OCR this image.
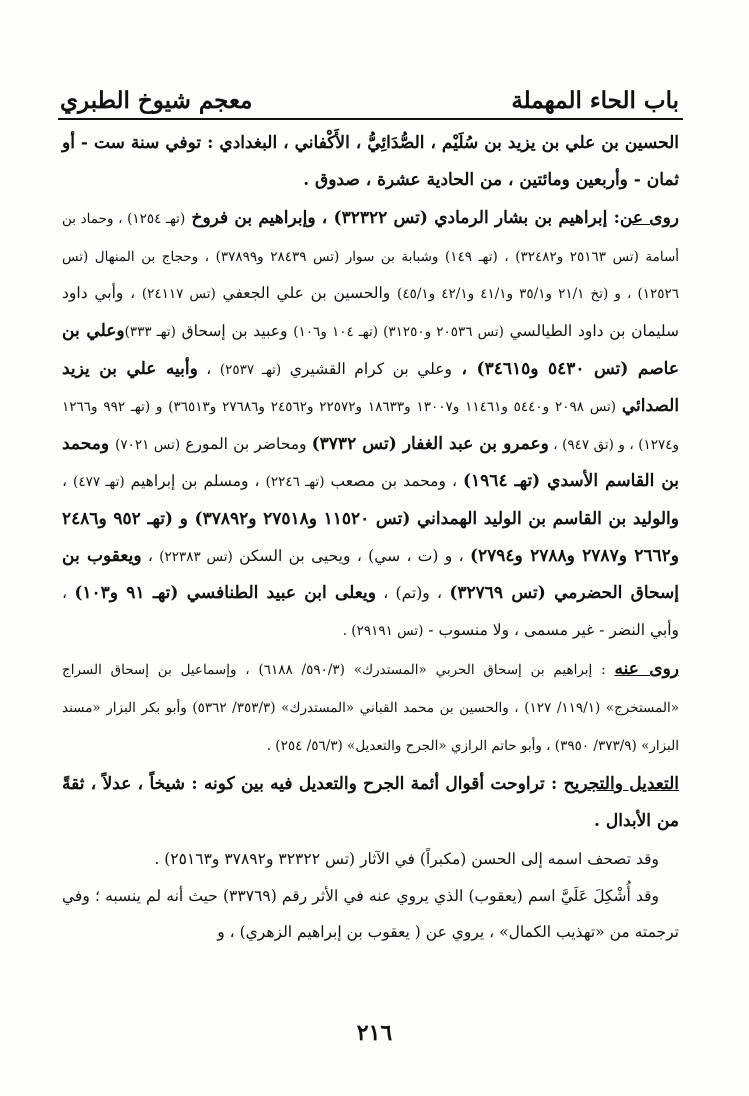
باب الحاء المهملة
معجم شيوخ الطبري

الحسين بن علي بن يزيد بن سُلَيْم ، الصُّدَائِيُّ ، الأَكْفاني ، البغدادي : توفي سنة ست - أو ثمان - وأربعين ومائتين ، من الحادية عشرة ، صدوق .

روى عن: إبراهيم بن بشار الرمادي (تس ٣٢٣٢٢) ، وإبراهيم بن فروخ (تهـ ١٢٥٤) ، وحماد بن أسامة (تس ٢٥١٦٣ و٣٢٤٨٢) ، (تهـ ١٤٩) وشبابة بن سوار (تس ٢٨٤٣٩ و٣٧٨٩٩) ، وحجاج بن المنهال (تس ١٢٥٢٦) ، و (تخ ٢١/١ و٣٥/١ و٤١/١ و٤٢/١ و٤٥/١) والحسين بن علي الجعفي (تس ٢٤١١٧) ، وأبي داود سليمان بن داود الطيالسي (تس ٢٠٥٣٦ و٣١٢٥٠) (تهـ ١٠٤ و١٠٦) وعبيد بن إسحاق (تهـ ٣٣٣)وعلي بن عاصم (تس ٥٤٣٠ و٣٤٦١٥) ، وعلي بن كرام القشيري (تهـ ٢٥٣٧) ، وأبيه علي بن يزيد الصدائي (تس ٢٠٩٨ و٥٤٤٠ و١١٤٦١ و١٣٠٠٧ و١٨٦٣٣ و٢٢٥٧٢ و٢٤٥٦٢ و٢٧٦٨٦ و٣٦٥١٣) و (تهـ ٩٩٢ و١٢٦٦ و١٢٧٤) ، و (تق ٩٤٧) ، وعمرو بن عبد الغفار (تس ٣٧٣٢) ومحاضر بن المورع (تس ٧٠٢١) ومحمد بن القاسم الأسدي (تهـ ١٩٦٤) ، ومحمد بن مصعب (تهـ ٢٢٤٦) ، ومسلم بن إبراهيم (تهـ ٤٧٧) ، والوليد بن القاسم بن الوليد الهمداني (تس ١١٥٢٠ و٢٧٥١٨ و٣٧٨٩٢) و (تهـ ٩٥٢ و٢٤٨٦ و٢٦٦٢ و٢٧٨٧ و٢٧٨٨ و٢٧٩٤) ، و (ت ، سي) ، ويحيى بن السكن (تس ٢٢٣٨٣) ، ويعقوب بن إسحاق الحضرمي (تس ٣٢٧٦٩) ، و(تم) ، ويعلى ابن عبيد الطنافسي (تهـ ٩١ و١٠٣) ، وأبي النضر - غير مسمى ، ولا منسوب - (تس ٢٩١٩١) .

روى عنه : إبراهيم بن إسحاق الحربي «المستدرك» (٥٩٠/٣/ ٦١٨٨) ، وإسماعيل بن إسحاق السراج «المستخرج» (١١٩/١/ ١٢٧) ، والحسين بن محمد القباني «المستدرك» (٣٥٣/٣/ ٥٣٦٢) وأبو بكر البزار «مسند البزار» (٣٧٣/٩/ ٣٩٥٠) ، وأبو حاتم الرازي «الجرح والتعديل» (٥٦/٣/ ٢٥٤) .

التعديل والتجريح : تراوحت أقوال أئمة الجرح والتعديل فيه بين كونه : شيخاً ، عدلاً ، ثقةً من الأبدال .

وقد تصحف اسمه إلى الحسن (مكبراً) في الآثار (تس ٣٢٣٢٢ و٣٧٨٩٢ و٢٥١٦٣) .

وقد أُشْكِلَ عَلَيَّ اسم (يعقوب) الذي يروي عنه في الأثر رقم (٣٣٧٦٩) حيث أنه لم ينسبه ؛ وفي ترجمته من «تهذيب الكمال» ، يروي عن ( يعقوب بن إبراهيم الزهري) ، و

٢١٦
